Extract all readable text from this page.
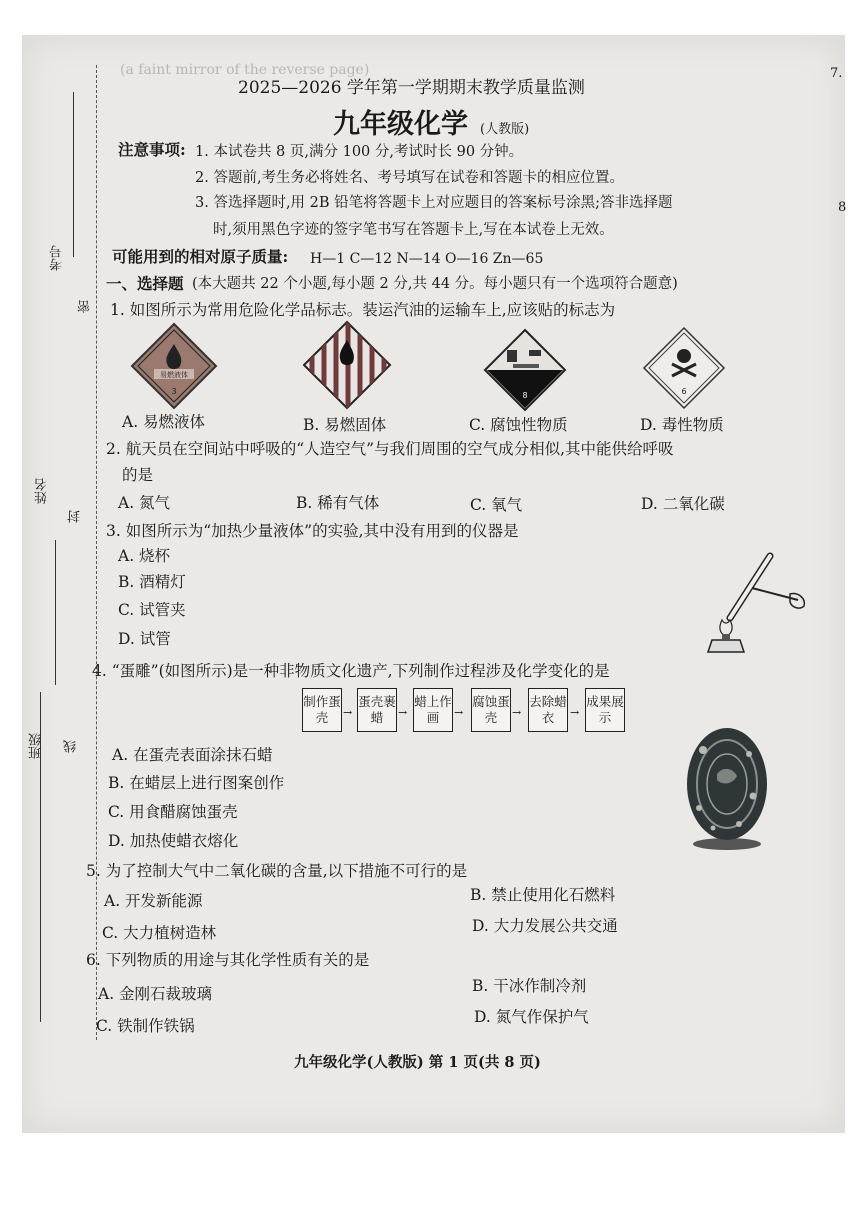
(a faint mirror of the reverse page)	7.
8
考号
姓名
班级
密
封
线
2025—2026 学年第一学期期末教学质量监测
九年级化学 (人教版)
注意事项: 1. 本试卷共 8 页,满分 100 分,考试时长 90 分钟。
2. 答题前,考生务必将姓名、考号填写在试卷和答题卡的相应位置。
3. 答选择题时,用 2B 铅笔将答题卡上对应题目的答案标号涂黑;答非选择题
时,须用黑色字迹的签字笔书写在答题卡上,写在本试卷上无效。
可能用到的相对原子质量: H—1 C—12 N—14 O—16 Zn—65
一、选择题 (本大题共 22 个小题,每小题 2 分,共 44 分。每小题只有一个选项符合题意)
1. 如图所示为常用危险化学品标志。装运汽油的运输车上,应该贴的标志为
易燃液体
3	8	6
A. 易燃液体	B. 易燃固体	C. 腐蚀性物质	D. 毒性物质
2. 航天员在空间站中呼吸的“人造空气”与我们周围的空气成分相似,其中能供给呼吸
的是
A. 氮气	B. 稀有气体	C. 氧气	D. 二氧化碳
3. 如图所示为“加热少量液体”的实验,其中没有用到的仪器是
A. 烧杯
B. 酒精灯
C. 试管夹
D. 试管
4. “蛋雕”(如图所示)是一种非物质文化遗产,下列制作过程涉及化学变化的是
制作蛋壳	→
蛋壳裹蜡	→
蜡上作画	→
腐蚀蛋壳	→
去除蜡衣	→
成果展示
A. 在蛋壳表面涂抹石蜡
B. 在蜡层上进行图案创作
C. 用食醋腐蚀蛋壳
D. 加热使蜡衣熔化
5. 为了控制大气中二氧化碳的含量,以下措施不可行的是
A. 开发新能源	B. 禁止使用化石燃料
C. 大力植树造林	D. 大力发展公共交通
6. 下列物质的用途与其化学性质有关的是
A. 金刚石裁玻璃	B. 干冰作制冷剂
C. 铁制作铁锅	D. 氮气作保护气
九年级化学(人教版) 第 1 页(共 8 页)
